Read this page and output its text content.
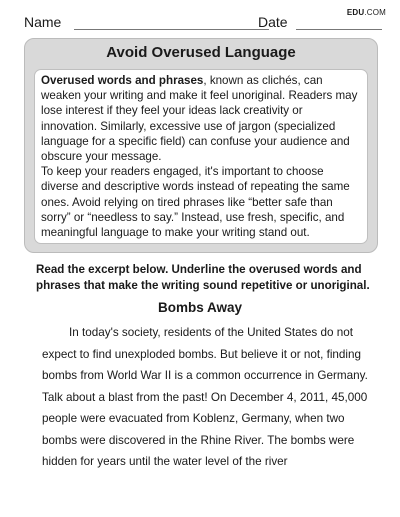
EDU.COM
Name	Date
Avoid Overused Language

Overused words and phrases, known as clichés, can weaken your writing and make it feel unoriginal. Readers may lose interest if they feel your ideas lack creativity or innovation. Similarly, excessive use of jargon (specialized language for a specific field) can confuse your audience and obscure your message.

To keep your readers engaged, it's important to choose diverse and descriptive words instead of repeating the same ones. Avoid relying on tired phrases like “better safe than sorry” or “needless to say.” Instead, use fresh, specific, and meaningful language to make your writing stand out.

Read the excerpt below. Underline the overused words and phrases that make the writing sound repetitive or unoriginal.
Bombs Away

In today's society, residents of the United States do not expect to find unexploded bombs. But believe it or not, finding bombs from World War II is a common occurrence in Germany. Talk about a blast from the past! On December 4, 2011, 45,000 people were evacuated from Koblenz, Germany, when two bombs were discovered in the Rhine River. The bombs were hidden for years until the water level of the river
